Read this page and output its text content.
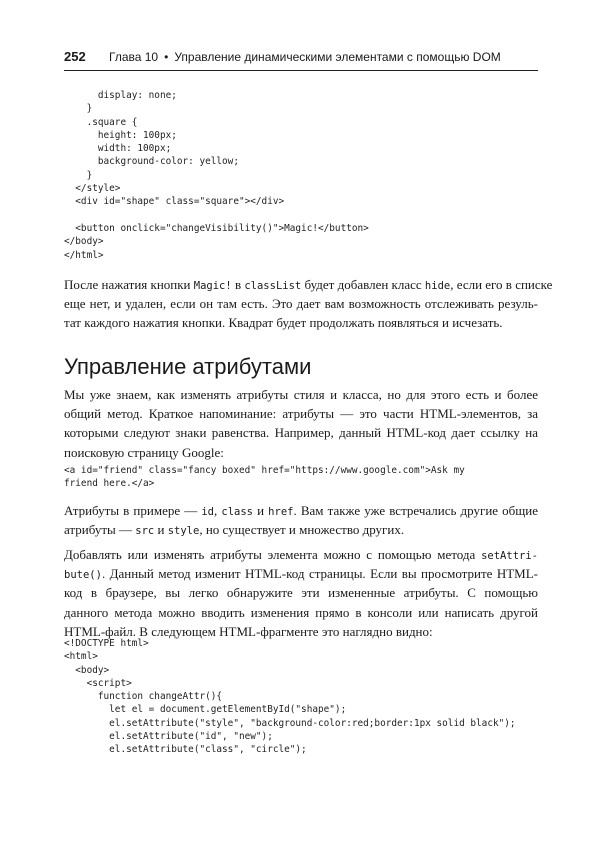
252 Глава 10 • Управление динамическими элементами с помощью DOM
display: none;
}
.square {
height: 100px;
width: 100px;
background-color: yellow;
}
</style>
<div id="shape" class="square"></div>
<button onclick="changeVisibility()">Magic!</button>
</body>
</html>
После нажатия кнопки Magic! в classList будет добавлен класс hide, если его в списке
еще нет, и удален, если он там есть. Это дает вам возможность отслеживать резуль-
тат каждого нажатия кнопки. Квадрат будет продолжать появляться и исчезать.
Управление атрибутами
Мы уже знаем, как изменять атрибуты стиля и класса, но для этого есть и более
общий метод. Краткое напоминание: атрибуты — это части HTML-элементов, за
которыми следуют знаки равенства. Например, данный HTML-код дает ссылку на
поисковую страницу Google:
<a id="friend" class="fancy boxed" href="https://www.google.com">Ask my
friend here.</a>
Атрибуты в примере — id, class и href. Вам также уже встречались другие общие
атрибуты — src и style, но существует и множество других.
Добавлять или изменять атрибуты элемента можно с помощью метода setAttri-
bute(). Данный метод изменит HTML-код страницы. Если вы просмотрите HTML-
код в браузере, вы легко обнаружите эти измененные атрибуты. С помощью
данного метода можно вводить изменения прямо в консоли или написать другой
HTML-файл. В следующем HTML-фрагменте это наглядно видно:
<!DOCTYPE html>
<html>
<body>
<script>
function changeAttr(){
let el = document.getElementById("shape");
el.setAttribute("style", "background-color:red;border:1px solid black");
el.setAttribute("id", "new");
el.setAttribute("class", "circle");
